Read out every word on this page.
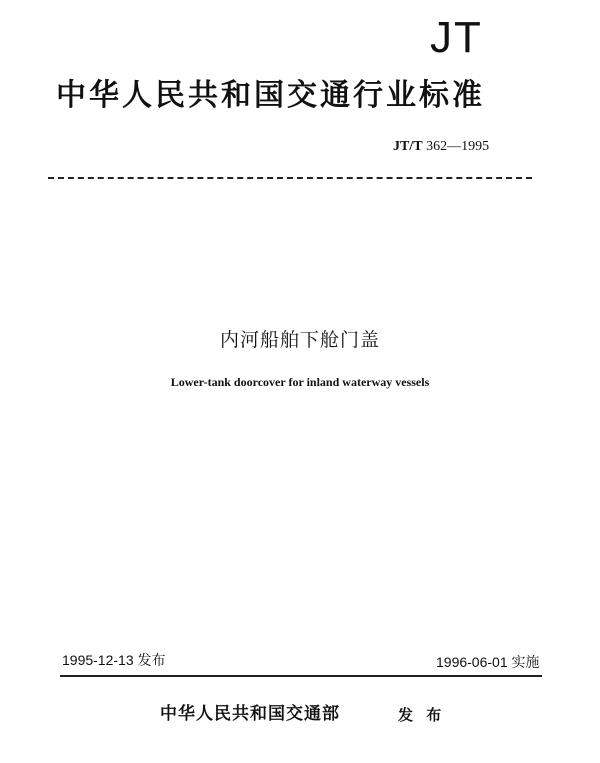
JT
中华人民共和国交通行业标准
JT/T 362—1995
内河船舶下舱门盖
Lower-tank doorcover for inland waterway vessels
1995-12-13 发布	1996-06-01 实施
中华人民共和国交通部	发 布
